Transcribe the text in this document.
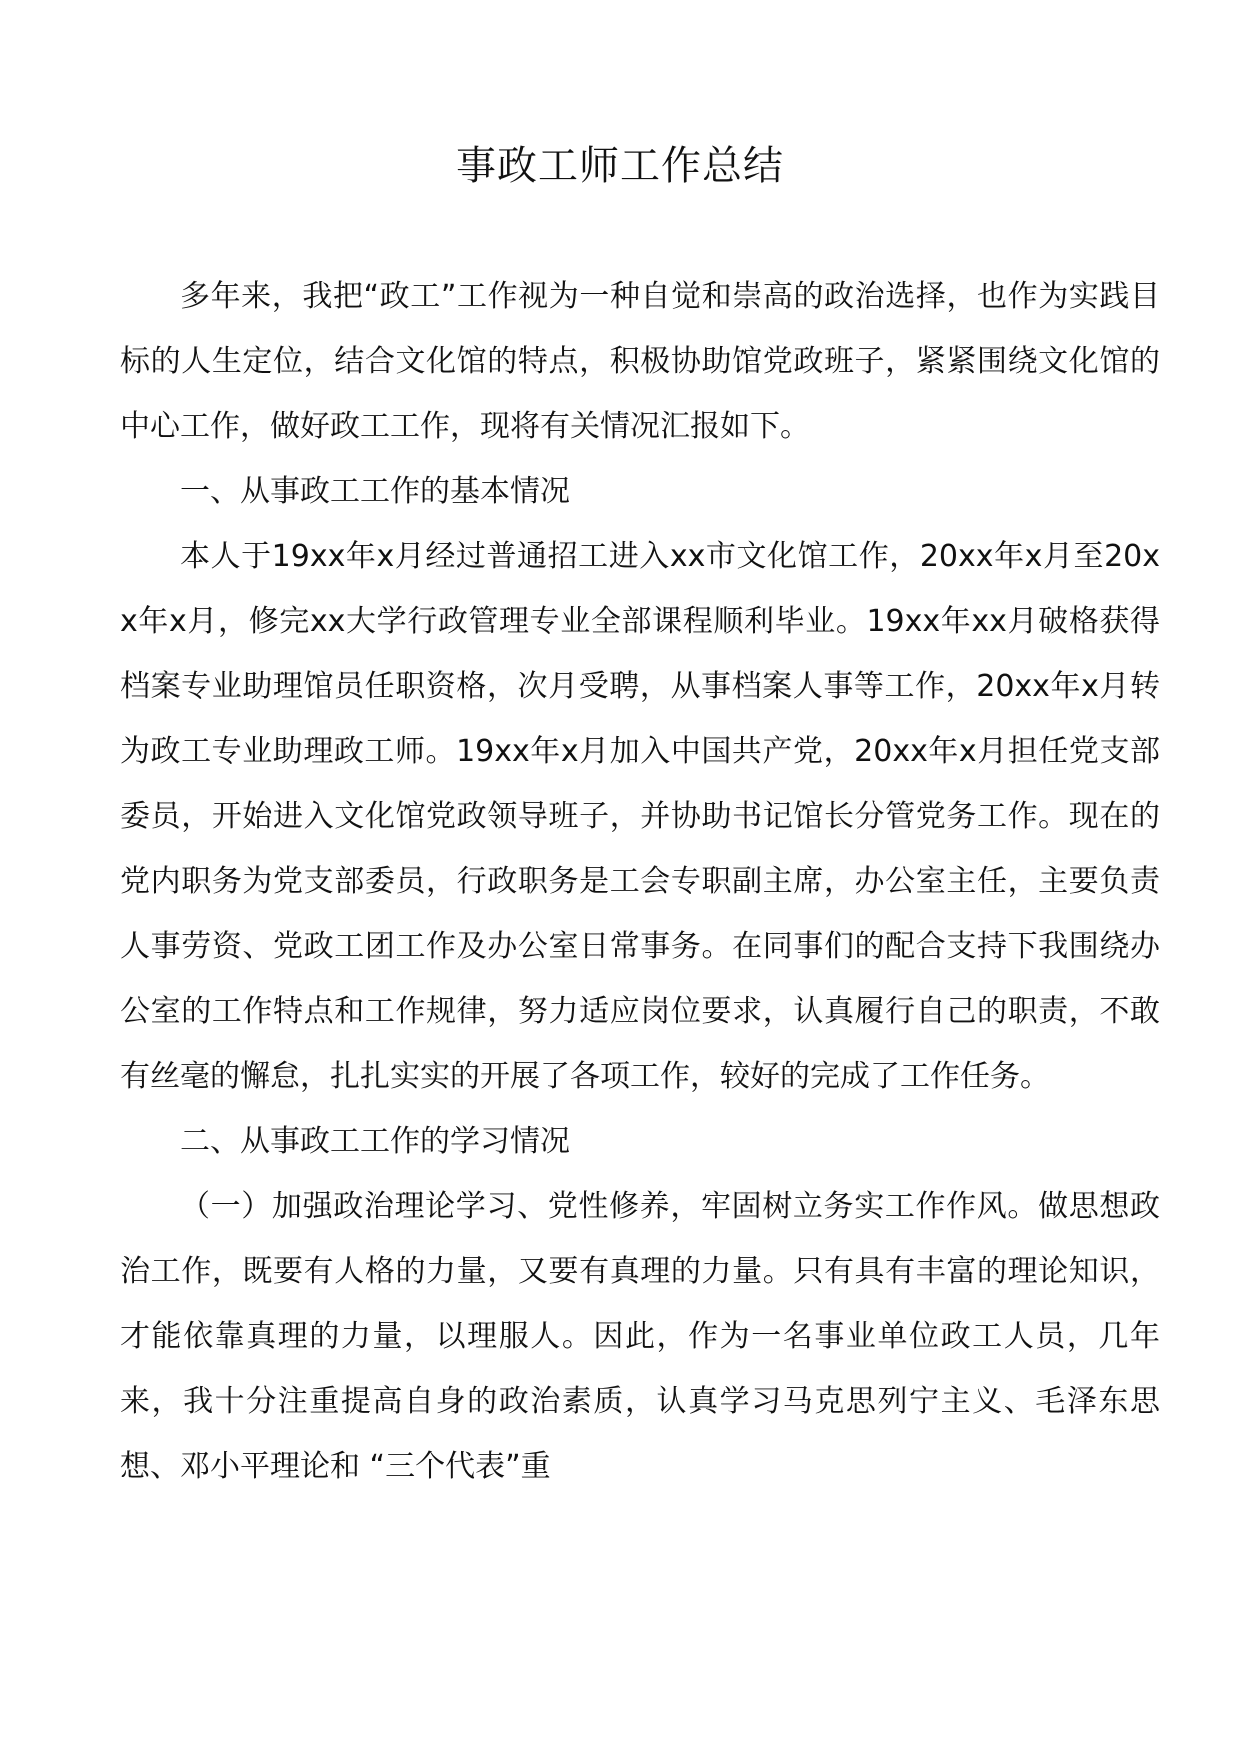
事政工师工作总结

多年来，我把“政工”工作视为一种自觉和崇高的政治选择，也作为实践目标的人生定位，结合文化馆的特点，积极协助馆党政班子，紧紧围绕文化馆的中心工作，做好政工工作，现将有关情况汇报如下。

一、从事政工工作的基本情况

本人于19xx年x月经过普通招工进入xx市文化馆工作，20xx年x月至20xx年x月，修完xx大学行政管理专业全部课程顺利毕业。19xx年xx月破格获得档案专业助理馆员任职资格，次月受聘，从事档案人事等工作，20xx年x月转为政工专业助理政工师。19xx年x月加入中国共产党，20xx年x月担任党支部委员，开始进入文化馆党政领导班子，并协助书记馆长分管党务工作。现在的党内职务为党支部委员，行政职务是工会专职副主席，办公室主任，主要负责人事劳资、党政工团工作及办公室日常事务。在同事们的配合支持下我围绕办公室的工作特点和工作规律，努力适应岗位要求，认真履行自己的职责，不敢有丝毫的懈怠，扎扎实实的开展了各项工作，较好的完成了工作任务。

二、从事政工工作的学习情况

（一）加强政治理论学习、党性修养，牢固树立务实工作作风。做思想政治工作，既要有人格的力量，又要有真理的力量。只有具有丰富的理论知识，才能依靠真理的力量，以理服人。因此，作为一名事业单位政工人员，几年来，我十分注重提高自身的政治素质，认真学习马克思列宁主义、毛泽东思想、邓小平理论和 “三个代表”重
